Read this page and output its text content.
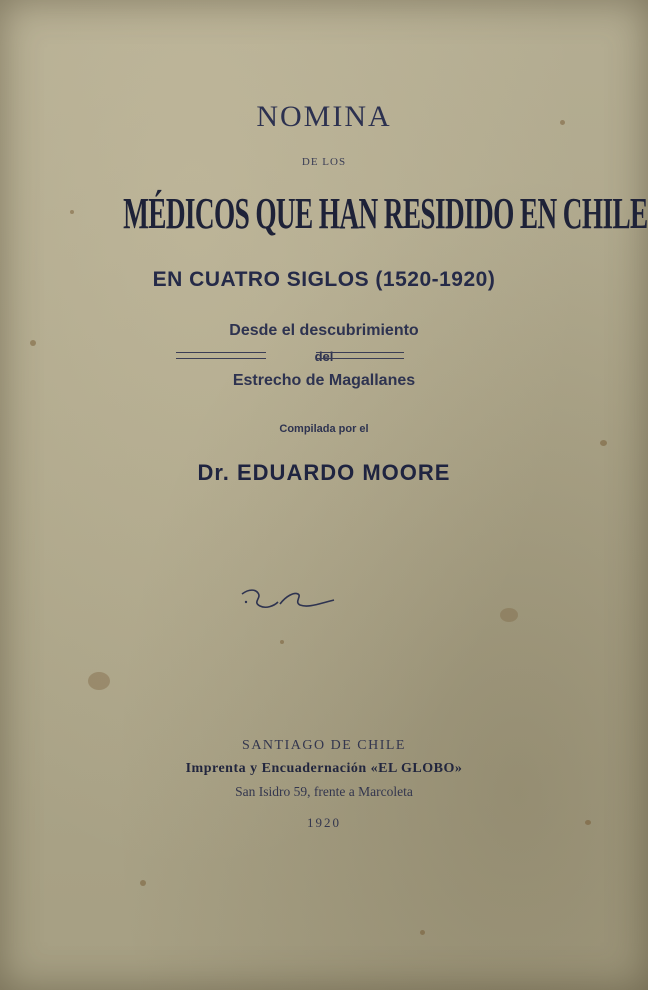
NOMINA
DE LOS
MÉDICOS QUE HAN RESIDIDO EN CHILE
EN CUATRO SIGLOS (1520-1920)
Desde el descubrimiento
del
Estrecho de Magallanes
Compilada por el
Dr. EDUARDO MOORE
SANTIAGO DE CHILE
Imprenta y Encuadernación «EL GLOBO»
San Isidro 59, frente a Marcoleta
1920
